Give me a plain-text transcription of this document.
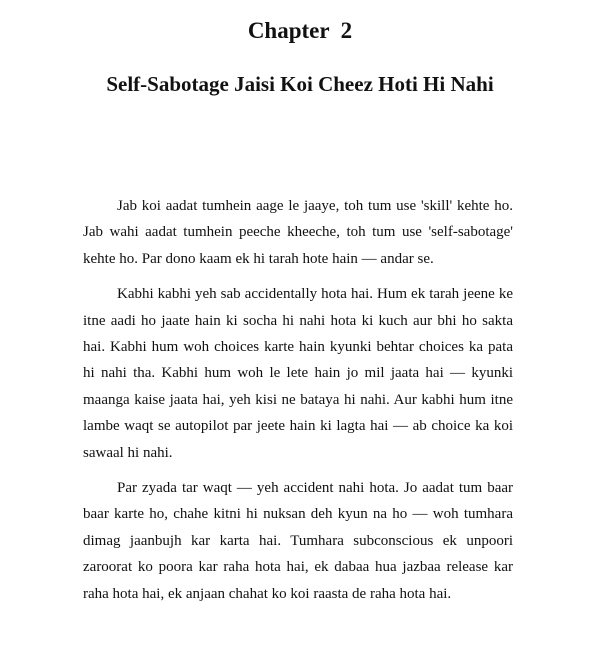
Chapter  2
Self-Sabotage Jaisi Koi Cheez Hoti Hi Nahi

Jab koi aadat tumhein aage le jaaye, toh tum use 'skill' kehte ho. Jab wahi aadat tumhein peeche kheeche, toh tum use 'self-sabotage' kehte ho. Par dono kaam ek hi tarah hote hain — andar se.

Kabhi kabhi yeh sab accidentally hota hai. Hum ek tarah jeene ke itne aadi ho jaate hain ki socha hi nahi hota ki kuch aur bhi ho sakta hai. Kabhi hum woh choices karte hain kyunki behtar choices ka pata hi nahi tha. Kabhi hum woh le lete hain jo mil jaata hai — kyunki maanga kaise jaata hai, yeh kisi ne bataya hi nahi. Aur kabhi hum itne lambe waqt se autopilot par jeete hain ki lagta hai — ab choice ka koi sawaal hi nahi.

Par zyada tar waqt — yeh accident nahi hota. Jo aadat tum baar baar karte ho, chahe kitni hi nuksan deh kyun na ho — woh tumhara dimag jaanbujh kar karta hai. Tumhara subconscious ek unpoori zaroorat ko poora kar raha hota hai, ek dabaa hua jazbaa release kar raha hota hai, ek anjaan chahat ko koi raasta de raha hota hai.
